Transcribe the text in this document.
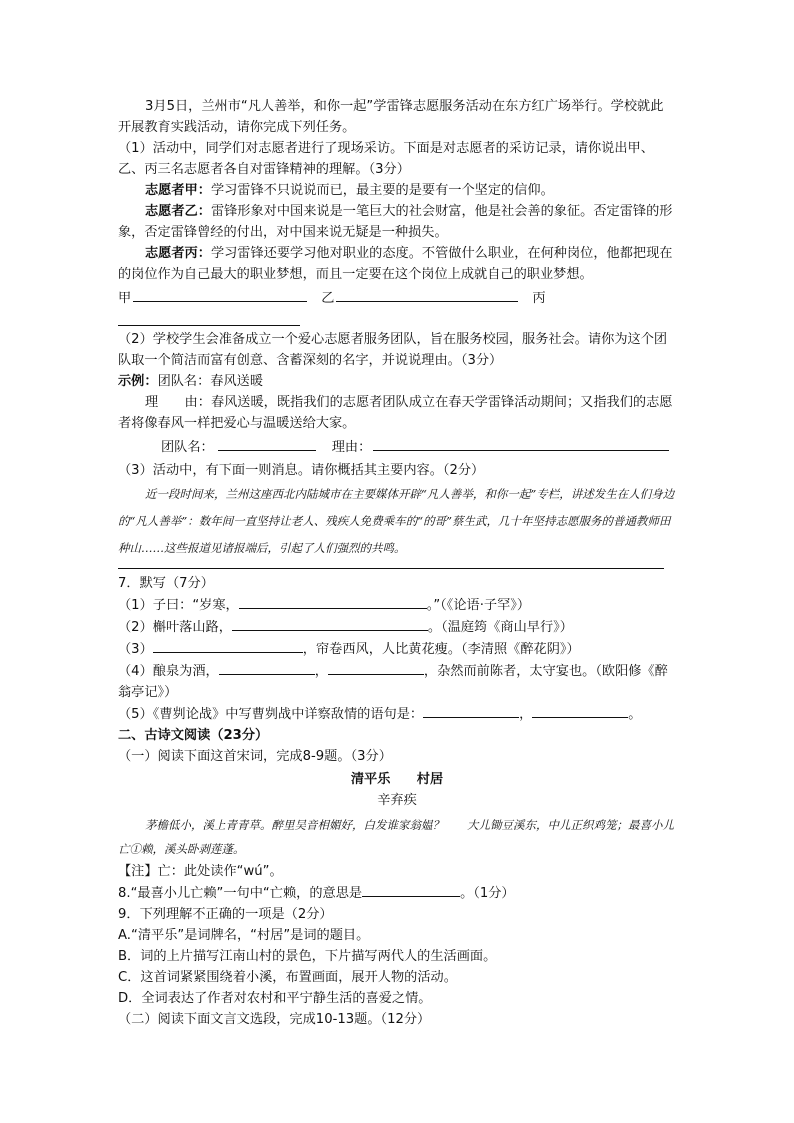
3月5日，兰州市“凡人善举，和你一起”学雷锋志愿服务活动在东方红广场举行。学校就此开展教育实践活动，请你完成下列任务。

（1）活动中，同学们对志愿者进行了现场采访。下面是对志愿者的采访记录，请你说出甲、乙、丙三名志愿者各自对雷锋精神的理解。（3分）

志愿者甲：学习雷锋不只说说而已，最主要的是要有一个坚定的信仰。

志愿者乙：雷锋形象对中国来说是一笔巨大的社会财富，他是社会善的象征。否定雷锋的形象，否定雷锋曾经的付出，对中国来说无疑是一种损失。

志愿者丙：学习雷锋还要学习他对职业的态度。不管做什么职业，在何种岗位，他都把现在的岗位作为自己最大的职业梦想，而且一定要在这个岗位上成就自己的职业梦想。

甲	乙	丙

（2）学校学生会准备成立一个爱心志愿者服务团队，旨在服务校园，服务社会。请你为这个团队取一个简洁而富有创意、含蓄深刻的名字，并说说理由。（3分）

示例：团队名：春风送暖

理　　由：春风送暖，既指我们的志愿者团队成立在春天学雷锋活动期间；又指我们的志愿者将像春风一样把爱心与温暖送给大家。

团队名：	理由：

（3）活动中，有下面一则消息。请你概括其主要内容。（2分）

近一段时间来，兰州这座西北内陆城市在主要媒体开辟“凡人善举，和你一起”专栏，讲述发生在人们身边的“凡人善举”：数年间一直坚持让老人、残疾人免费乘车的“的哥”蔡生武，几十年坚持志愿服务的普通教师田种山……这些报道见诸报端后，引起了人们强烈的共鸣。

7．默写（7分）

（1）子曰：“岁寒，	。”（《论语·子罕》）

（2）槲叶落山路，	。（温庭筠《商山早行》）

（3）	，帘卷西风，人比黄花瘦。（李清照《醉花阴》）

（4）酿泉为酒，	，	，杂然而前陈者，太守宴也。（欧阳修《醉翁亭记》）

（5）《曹刿论战》中写曹刿战中详察敌情的语句是：	，	。

二、古诗文阅读（23分）

（一）阅读下面这首宋词，完成8-9题。（3分）

清平乐　　村居

辛弃疾

茅檐低小，溪上青青草。醉里吴音相媚好，白发谁家翁媪？　　大儿锄豆溪东，中儿正织鸡笼；最喜小儿亡①赖，溪头卧剥莲蓬。

【注】亡：此处读作“wú”。

8.“最喜小儿亡赖”一句中“亡赖，的意思是	。（1分）

9．下列理解不正确的一项是（2分）

A.“清平乐”是词牌名，“村居”是词的题目。

B．词的上片描写江南山村的景色，下片描写两代人的生活画面。

C．这首词紧紧围绕着小溪，布置画面，展开人物的活动。

D．全词表达了作者对农村和平宁静生活的喜爱之情。

（二）阅读下面文言文选段，完成10-13题。（12分）
